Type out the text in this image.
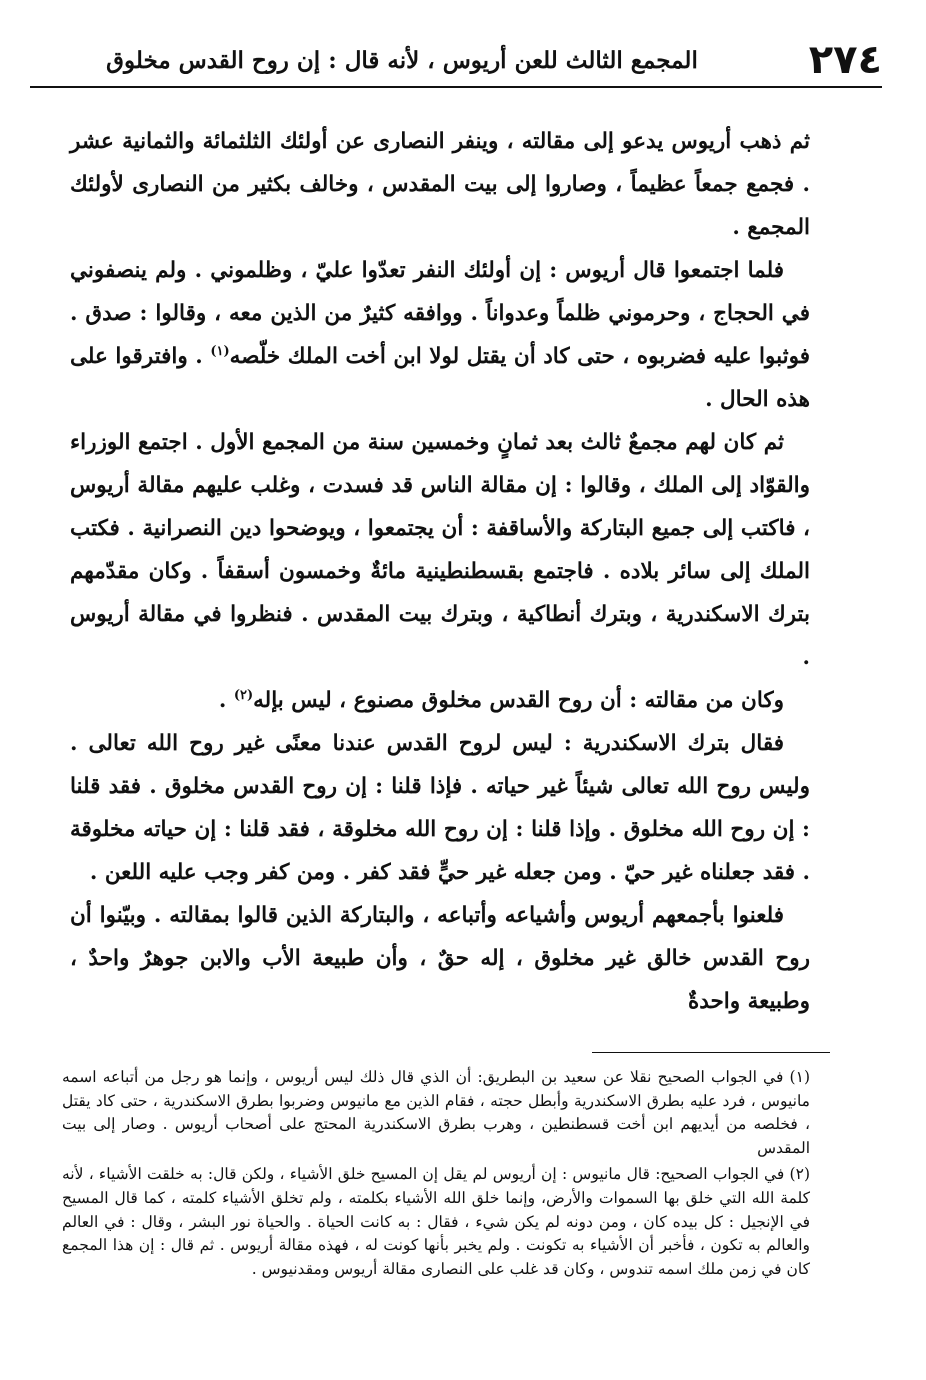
٢٧٤
المجمع الثالث للعن أريوس ، لأنه قال : إن روح القدس مخلوق

ثم ذهب أريوس يدعو إلى مقالته ، وينفر النصارى عن أولئك الثلثمائة والثمانية عشر . فجمع جمعاً عظيماً ، وصاروا إلى بيت المقدس ، وخالف بكثير من النصارى لأولئك المجمع .

فلما اجتمعوا قال أريوس : إن أولئك النفر تعدّوا عليّ ، وظلموني . ولم ينصفوني في الحجاج ، وحرموني ظلماً وعدواناً . ووافقه كثيرٌ من الذين معه ، وقالوا : صدق . فوثبوا عليه فضربوه ، حتى كاد أن يقتل لولا ابن أخت الملك خلّصه$^{(١)}$ . وافترقوا على هذه الحال .

ثم كان لهم مجمعٌ ثالث بعد ثمانٍ وخمسين سنة من المجمع الأول . اجتمع الوزراء والقوّاد إلى الملك ، وقالوا : إن مقالة الناس قد فسدت ، وغلب عليهم مقالة أريوس ، فاكتب إلى جميع البتاركة والأساقفة : أن يجتمعوا ، ويوضحوا دين النصرانية . فكتب الملك إلى سائر بلاده . فاجتمع بقسطنطينية مائةٌ وخمسون أسقفاً . وكان مقدّمهم بترك الاسكندرية ، وبترك أنطاكية ، وبترك بيت المقدس . فنظروا في مقالة أريوس .

وكان من مقالته : أن روح القدس مخلوق مصنوع ، ليس بإله$^{(٢)}$ .

فقال بترك الاسكندرية : ليس لروح القدس عندنا معنًى غير روح الله تعالى . وليس روح الله تعالى شيئاً غير حياته . فإذا قلنا : إن روح القدس مخلوق . فقد قلنا : إن روح الله مخلوق . وإذا قلنا : إن روح الله مخلوقة ، فقد قلنا : إن حياته مخلوقة . فقد جعلناه غير حيّ . ومن جعله غير حيٍّ فقد كفر . ومن كفر وجب عليه اللعن .

فلعنوا بأجمعهم أريوس وأشياعه وأتباعه ، والبتاركة الذين قالوا بمقالته . وبيّنوا أن روح القدس خالق غير مخلوق ، إله حقٌ ، وأن طبيعة الأب والابن جوهرٌ واحدٌ ، وطبيعة واحدةٌ

(١) في الجواب الصحيح نقلا عن سعيد بن البطريق: أن الذي قال ذلك ليس أريوس ، وإنما هو رجل من أتباعه اسمه مانيوس ، فرد عليه بطرق الاسكندرية وأبطل حجته ، فقام الذين مع مانيوس وضربوا بطرق الاسكندرية ، حتى كاد يقتل ، فخلصه من أيديهم ابن أخت قسطنطين ، وهرب بطرق الاسكندرية المحتج على أصحاب أريوس . وصار إلى بيت المقدس

(٢) في الجواب الصحيح: قال مانيوس : إن أريوس لم يقل إن المسيح خلق الأشياء ، ولكن قال: به خلقت الأشياء ، لأنه كلمة الله التي خلق بها السموات والأرض، وإنما خلق الله الأشياء بكلمته ، ولم تخلق الأشياء كلمته ، كما قال المسيح في الإنجيل : كل بيده كان ، ومن دونه لم يكن شيء ، فقال : به كانت الحياة . والحياة نور البشر ، وقال : في العالم والعالم به تكون ، فأخبر أن الأشياء به تكونت . ولم يخبر بأنها كونت له ، فهذه مقالة أريوس . ثم قال : إن هذا المجمع كان في زمن ملك اسمه تندوس ، وكان قد غلب على النصارى مقالة أريوس ومقدنيوس .
